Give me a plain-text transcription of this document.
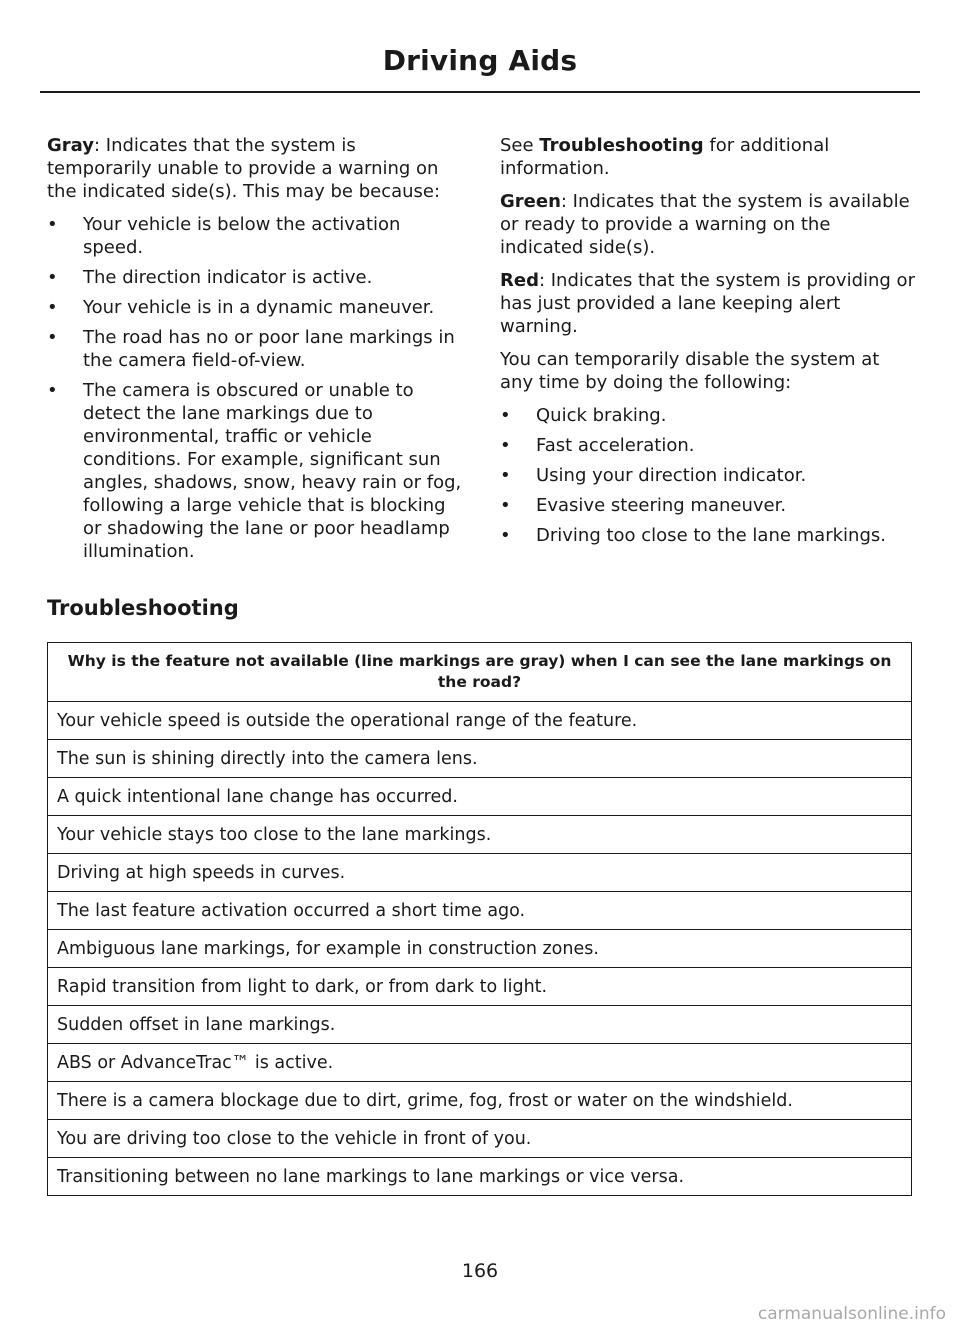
Driving Aids

Gray: Indicates that the system is temporarily unable to provide a warning on the indicated side(s). This may be because:

• Your vehicle is below the activation speed.
• The direction indicator is active.
• Your vehicle is in a dynamic maneuver.
• The road has no or poor lane markings in the camera field-of-view.
• The camera is obscured or unable to detect the lane markings due to environmental, traffic or vehicle conditions. For example, significant sun angles, shadows, snow, heavy rain or fog, following a large vehicle that is blocking or shadowing the lane or poor headlamp illumination.

See Troubleshooting for additional information.

Green: Indicates that the system is available or ready to provide a warning on the indicated side(s).

Red: Indicates that the system is providing or has just provided a lane keeping alert warning.

You can temporarily disable the system at any time by doing the following:

• Quick braking.
• Fast acceleration.
• Using your direction indicator.
• Evasive steering maneuver.
• Driving too close to the lane markings.
Troubleshooting
Why is the feature not available (line markings are gray) when I can see the lane markings on the road?
Your vehicle speed is outside the operational range of the feature.
The sun is shining directly into the camera lens.
A quick intentional lane change has occurred.
Your vehicle stays too close to the lane markings.
Driving at high speeds in curves.
The last feature activation occurred a short time ago.
Ambiguous lane markings, for example in construction zones.
Rapid transition from light to dark, or from dark to light.
Sudden offset in lane markings.
ABS or AdvanceTrac™ is active.
There is a camera blockage due to dirt, grime, fog, frost or water on the windshield.
You are driving too close to the vehicle in front of you.
Transitioning between no lane markings to lane markings or vice versa.
166
carmanualsonline.info
